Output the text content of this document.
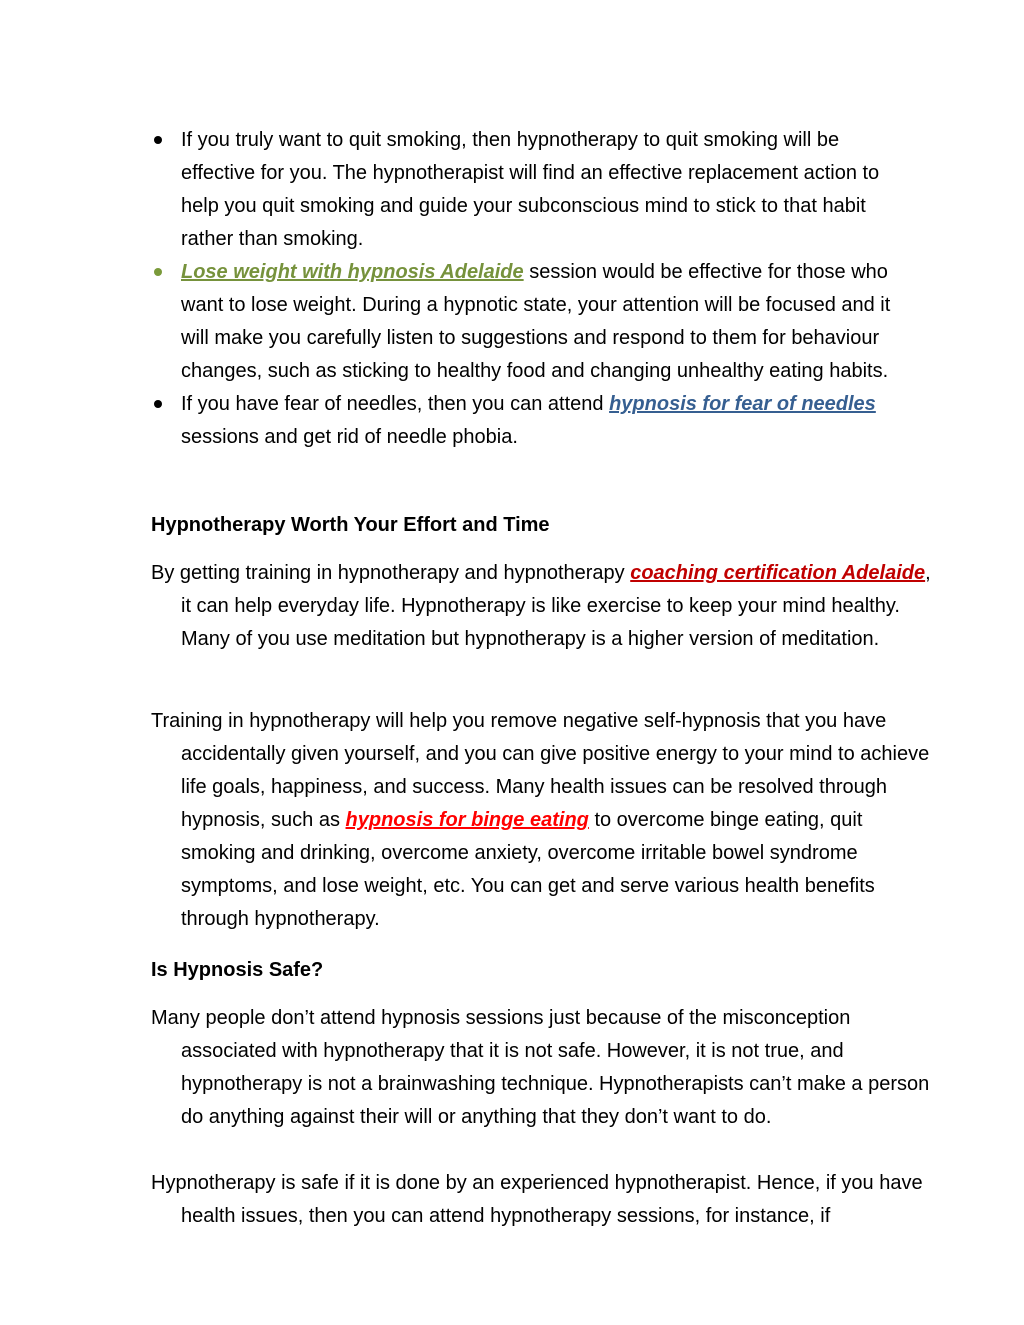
If you truly want to quit smoking, then hypnotherapy to quit smoking will be effective for you. The hypnotherapist will find an effective replacement action to help you quit smoking and guide your subconscious mind to stick to that habit rather than smoking.
Lose weight with hypnosis Adelaide session would be effective for those who want to lose weight. During a hypnotic state, your attention will be focused and it will make you carefully listen to suggestions and respond to them for behaviour changes, such as sticking to healthy food and changing unhealthy eating habits.
If you have fear of needles, then you can attend hypnosis for fear of needles sessions and get rid of needle phobia.
Hypnotherapy Worth Your Effort and Time

By getting training in hypnotherapy and hypnotherapy coaching certification Adelaide, it can help everyday life. Hypnotherapy is like exercise to keep your mind healthy. Many of you use meditation but hypnotherapy is a higher version of meditation.

Training in hypnotherapy will help you remove negative self-hypnosis that you have accidentally given yourself, and you can give positive energy to your mind to achieve life goals, happiness, and success. Many health issues can be resolved through hypnosis, such as hypnosis for binge eating to overcome binge eating, quit smoking and drinking, overcome anxiety, overcome irritable bowel syndrome symptoms, and lose weight, etc. You can get and serve various health benefits through hypnotherapy.

Is Hypnosis Safe?

Many people don’t attend hypnosis sessions just because of the misconception associated with hypnotherapy that it is not safe. However, it is not true, and hypnotherapy is not a brainwashing technique. Hypnotherapists can’t make a person do anything against their will or anything that they don’t want to do.

Hypnotherapy is safe if it is done by an experienced hypnotherapist. Hence, if you have health issues, then you can attend hypnotherapy sessions, for instance, if
